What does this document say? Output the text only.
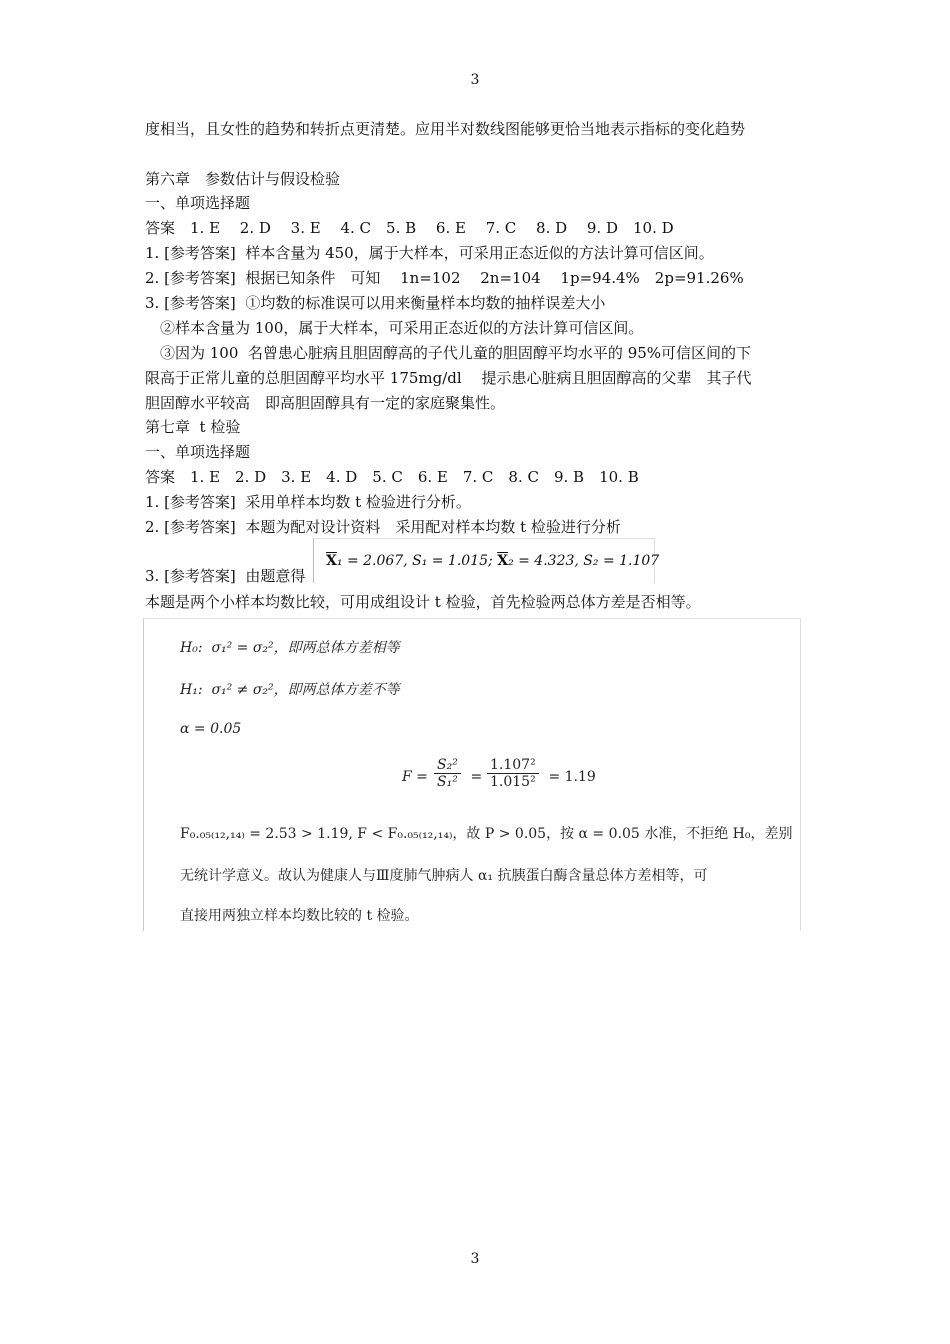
3
度相当，且女性的趋势和转折点更清楚。应用半对数线图能够更恰当地表示指标的变化趋势
第六章　参数估计与假设检验
一、单项选择题
答案　1. E　 2. D　 3. E　 4. C　5. B　 6. E　 7. C　 8. D　 9. D　10. D
1. [参考答案]  样本含量为 450，属于大样本，可采用正态近似的方法计算可信区间。
2. [参考答案]  根据已知条件　可知　 1n=102　 2n=104　 1p=94.4%　2p=91.26%
3. [参考答案]  ①均数的标准误可以用来衡量样本均数的抽样误差大小
②样本含量为 100，属于大样本，可采用正态近似的方法计算可信区间。
③因为 100  名曾患心脏病且胆固醇高的子代儿童的胆固醇平均水平的 95%可信区间的下
限高于正常儿童的总胆固醇平均水平 175mg/dl　 提示患心脏病且胆固醇高的父辈　其子代
胆固醇水平较高　即高胆固醇具有一定的家庭聚集性。
第七章  t 检验
一、单项选择题
答案　1. E　2. D　3. E　4. D　5. C　6. E　7. C　8. C　9. B　10. B
1. [参考答案]  采用单样本均数 t 检验进行分析。
2. [参考答案]  本题为配对设计资料　采用配对样本均数 t 检验进行分析
3. [参考答案]  由题意得
$\overline{X}_1 = 2.067$, S₁ = 1.015; $\overline{X}_2 = 4.323$, S₂ = 1.107
本题是两个小样本均数比较，可用成组设计 t 检验，首先检验两总体方差是否相等。
H₀:  σ₁² = σ₂²，即两总体方差相等
H₁:  σ₁² ≠ σ₂²，即两总体方差不等
α = 0.05
$F = \frac{\text{S₂²}}{\text{S₁²}} = \frac{\text{1.107²}}{\text{1.015²}} = 1.19$
F₀.₀₅₍₁₂,₁₄₎ = 2.53 > 1.19, F < F₀.₀₅₍₁₂,₁₄₎，故 P > 0.05，按 α = 0.05 水准，不拒绝 H₀，差别
无统计学意义。故认为健康人与Ⅲ度肺气肿病人 α₁ 抗胰蛋白酶含量总体方差相等，可
直接用两独立样本均数比较的 t 检验。
3
